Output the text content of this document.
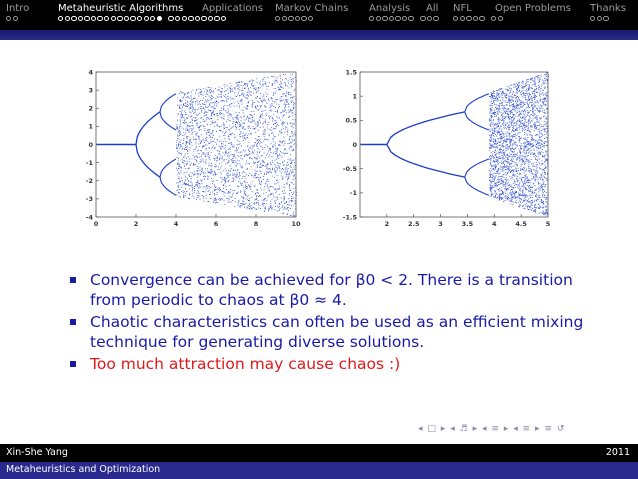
Intro	Metaheuristic Algorithms	Applications Markov Chains Analysis	All NFL	Open Problems Thanks
0	2	4	6	8	10
4
3
2
1
0
-1
-2
-3
-4
2	2.5	3	3.5	4	4.5	5
1.5
1
0.5
0
-0.5
-1
-1.5
Convergence can be achieved for β0 < 2. There is a transition from periodic to chaos at β0 ≈ 4.
Chaotic characteristics can often be used as an efficient mixing technique for generating diverse solutions.
Too much attraction may cause chaos :)
◂ □ ▸ ◂ ♬ ▸ ◂ ≡ ▸ ◂ ≡ ▸ ≡ ↺
Xin-She Yang	2011
Metaheuristics and Optimization
